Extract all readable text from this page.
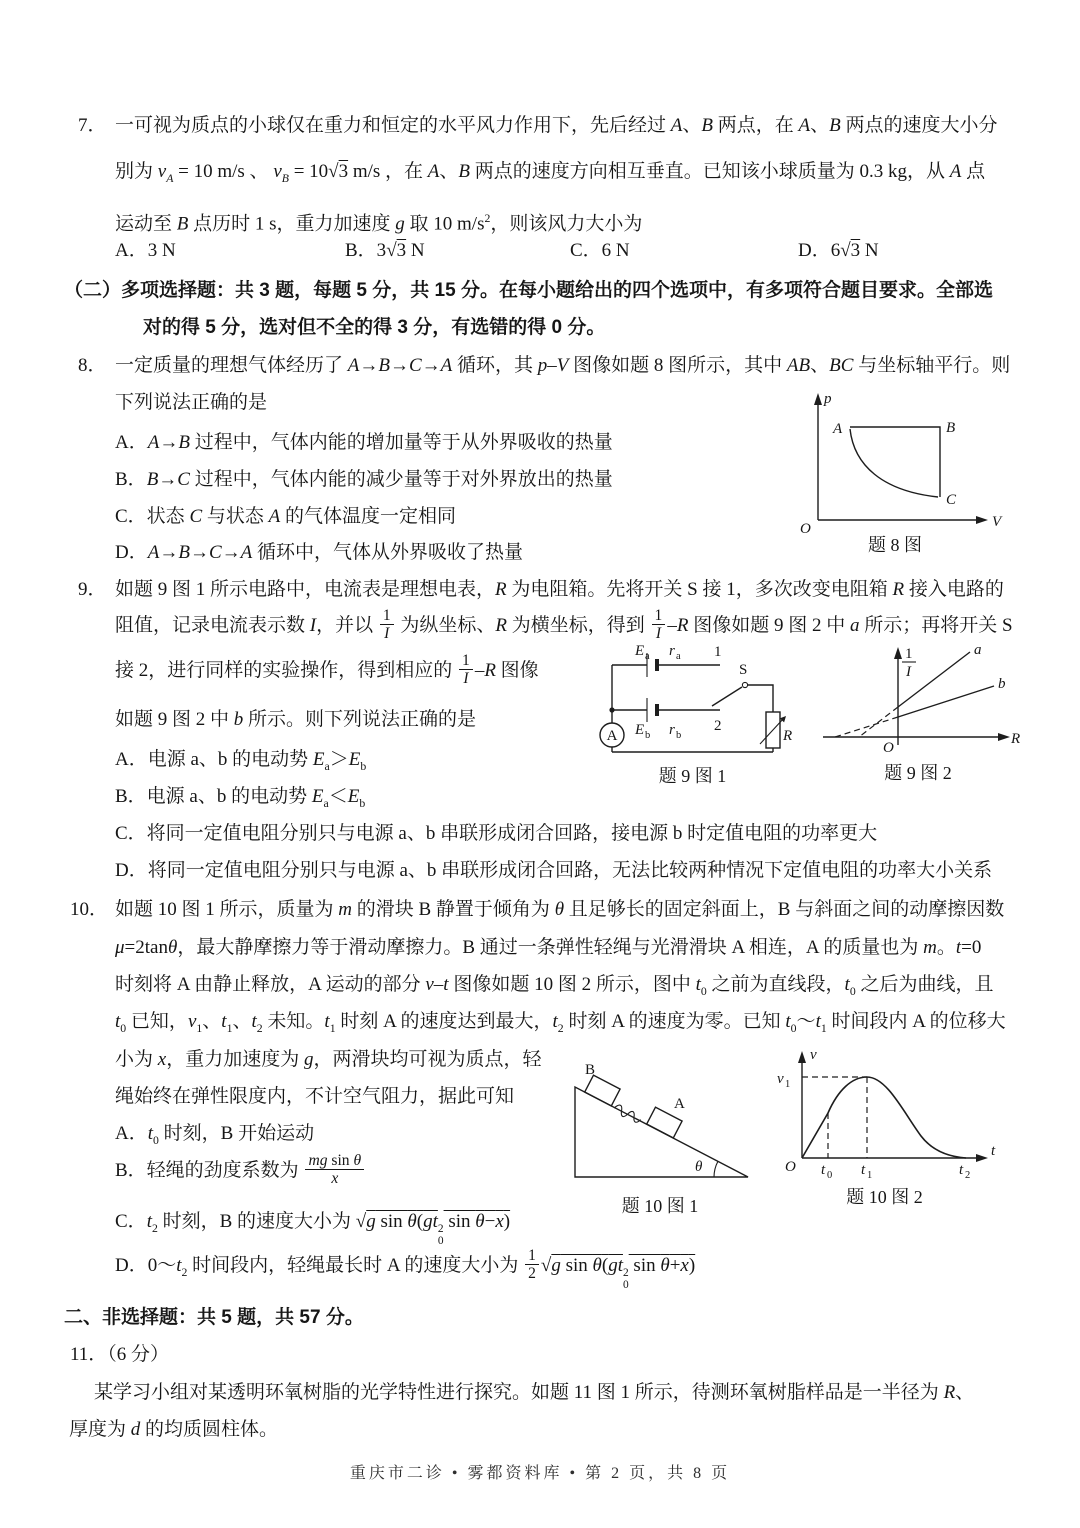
7． 一可视为质点的小球仅在重力和恒定的水平风力作用下，先后经过 A、B 两点，在 A、B 两点的速度大小分
别为 $v_A = 10$ m/s 、 $v_B = 10√3$ m/s ，在 A、B 两点的速度方向相互垂直。已知该小球质量为 0.3 kg，从 A 点
运动至 B 点历时 1 s，重力加速度 g 取 10 $m/s^2$，则该风力大小为
A．3 N	B．3√3 N	C．6 N	D．6√3 N
（二）多项选择题：共 3 题，每题 5 分，共 15 分。在每小题给出的四个选项中，有多项符合题目要求。全部选
对的得 5 分，选对但不全的得 3 分，有选错的得 0 分。
8． 一定质量的理想气体经历了 A→B→C→A 循环，其 p–V 图像如题 8 图所示，其中 AB、BC 与坐标轴平行。则
下列说法正确的是
A．A→B 过程中，气体内能的增加量等于从外界吸收的热量
B．B→C 过程中，气体内能的减少量等于对外界放出的热量
C．状态 C 与状态 A 的气体温度一定相同
D．A→B→C→A 循环中，气体从外界吸收了热量
p
V
O
A	B
C
题 8 图
9． 如题 9 图 1 所示电路中，电流表是理想电表，R 为电阻箱。先将开关 S 接 1，多次改变电阻箱 R 接入电路的
阻值，记录电流表示数 I，并以 $\frac{1}{I}$ 为纵坐标、R 为横坐标，得到 $\frac{1}{I} -R$ 图像如题 9 图 2 中 a 所示；再将开关 S
接 2，进行同样的实验操作，得到相应的 $\frac{1}{I} -R$ 图像
如题 9 图 2 中 b 所示。则下列说法正确的是
A．电源 a、b 的电动势 $E_a>E_b$
B．电源 a、b 的电动势 $E_a<E_b$
C．将同一定值电阻分别只与电源 a、b 串联形成闭合回路，接电源 b 时定值电阻的功率更大
D．将同一定值电阻分别只与电源 a、b 串联形成闭合回路，无法比较两种情况下定值电阻的功率大小关系
E a r a 1
E b r b
2
S
R
A
题 9 图 1
R
O
1
I
a
b
题 9 图 2
10． 如题 10 图 1 所示，质量为 m 的滑块 B 静置于倾角为 θ 且足够长的固定斜面上，B 与斜面之间的动摩擦因数
μ=2tanθ，最大静摩擦力等于滑动摩擦力。B 通过一条弹性轻绳与光滑滑块 A 相连，A 的质量也为 m。t=0
时刻将 A 由静止释放，A 运动的部分 v–t 图像如题 10 图 2 所示，图中 $t_0$ 之前为直线段，$t_0$ 之后为曲线，且
$t_0$ 已知，$v_1$、$t_1$、$t_2$ 未知。$t_1$ 时刻 A 的速度达到最大，$t_2$ 时刻 A 的速度为零。已知 $t_0\sim t_1$ 时间段内 A 的位移大
小为 x，重力加速度为 g，两滑块均可视为质点，轻
绳始终在弹性限度内，不计空气阻力，据此可知
A．$t_0$ 时刻，B 开始运动
B．轻绳的劲度系数为 $\frac{\text{mg sin θ}}{x}$
C．$t_2$ 时刻，B 的速度大小为 √g sin θ(gt 2
0
sin θ−x)
D．$0\sim t_2$ 时间段内，轻绳最长时 A 的速度大小为 $\frac{1}{2} √g$ sin θ(gt 2
0
sin θ+x)
B
A
θ
题 10 图 1
v
t
O
v 1
t 0 t 1	t 2
题 10 图 2
二、非选择题：共 5 题，共 57 分。
11．（6 分）
某学习小组对某透明环氧树脂的光学特性进行探究。如题 11 图 1 所示，待测环氧树脂样品是一半径为 R、
厚度为 d 的均质圆柱体。
重庆市二诊 • 雾都资料库 • 第 2 页，共 8 页
